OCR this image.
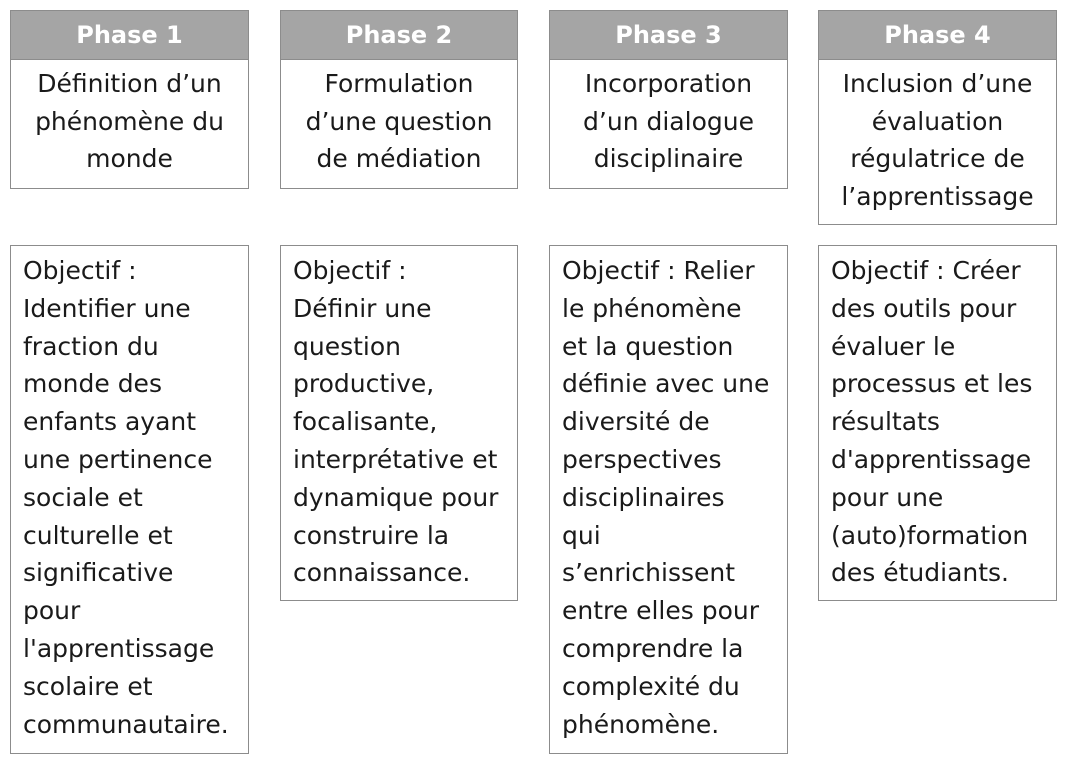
Phase 1
Définition d’un
phénomène du
monde
Objectif :
Identifier une
fraction du
monde des
enfants ayant
une pertinence
sociale et
culturelle et
significative
pour
l'apprentissage
scolaire et
communautaire.
Phase 2
Formulation
d’une question
de médiation
Objectif :
Définir une
question
productive,
focalisante,
interprétative et
dynamique pour
construire la
connaissance.
Phase 3
Incorporation
d’un dialogue
disciplinaire
Objectif : Relier
le phénomène
et la question
définie avec une
diversité de
perspectives
disciplinaires
qui
s’enrichissent
entre elles pour
comprendre la
complexité du
phénomène.
Phase 4
Inclusion d’une
évaluation
régulatrice de
l’apprentissage
Objectif : Créer
des outils pour
évaluer le
processus et les
résultats
d'apprentissage
pour une
(auto)formation
des étudiants.
